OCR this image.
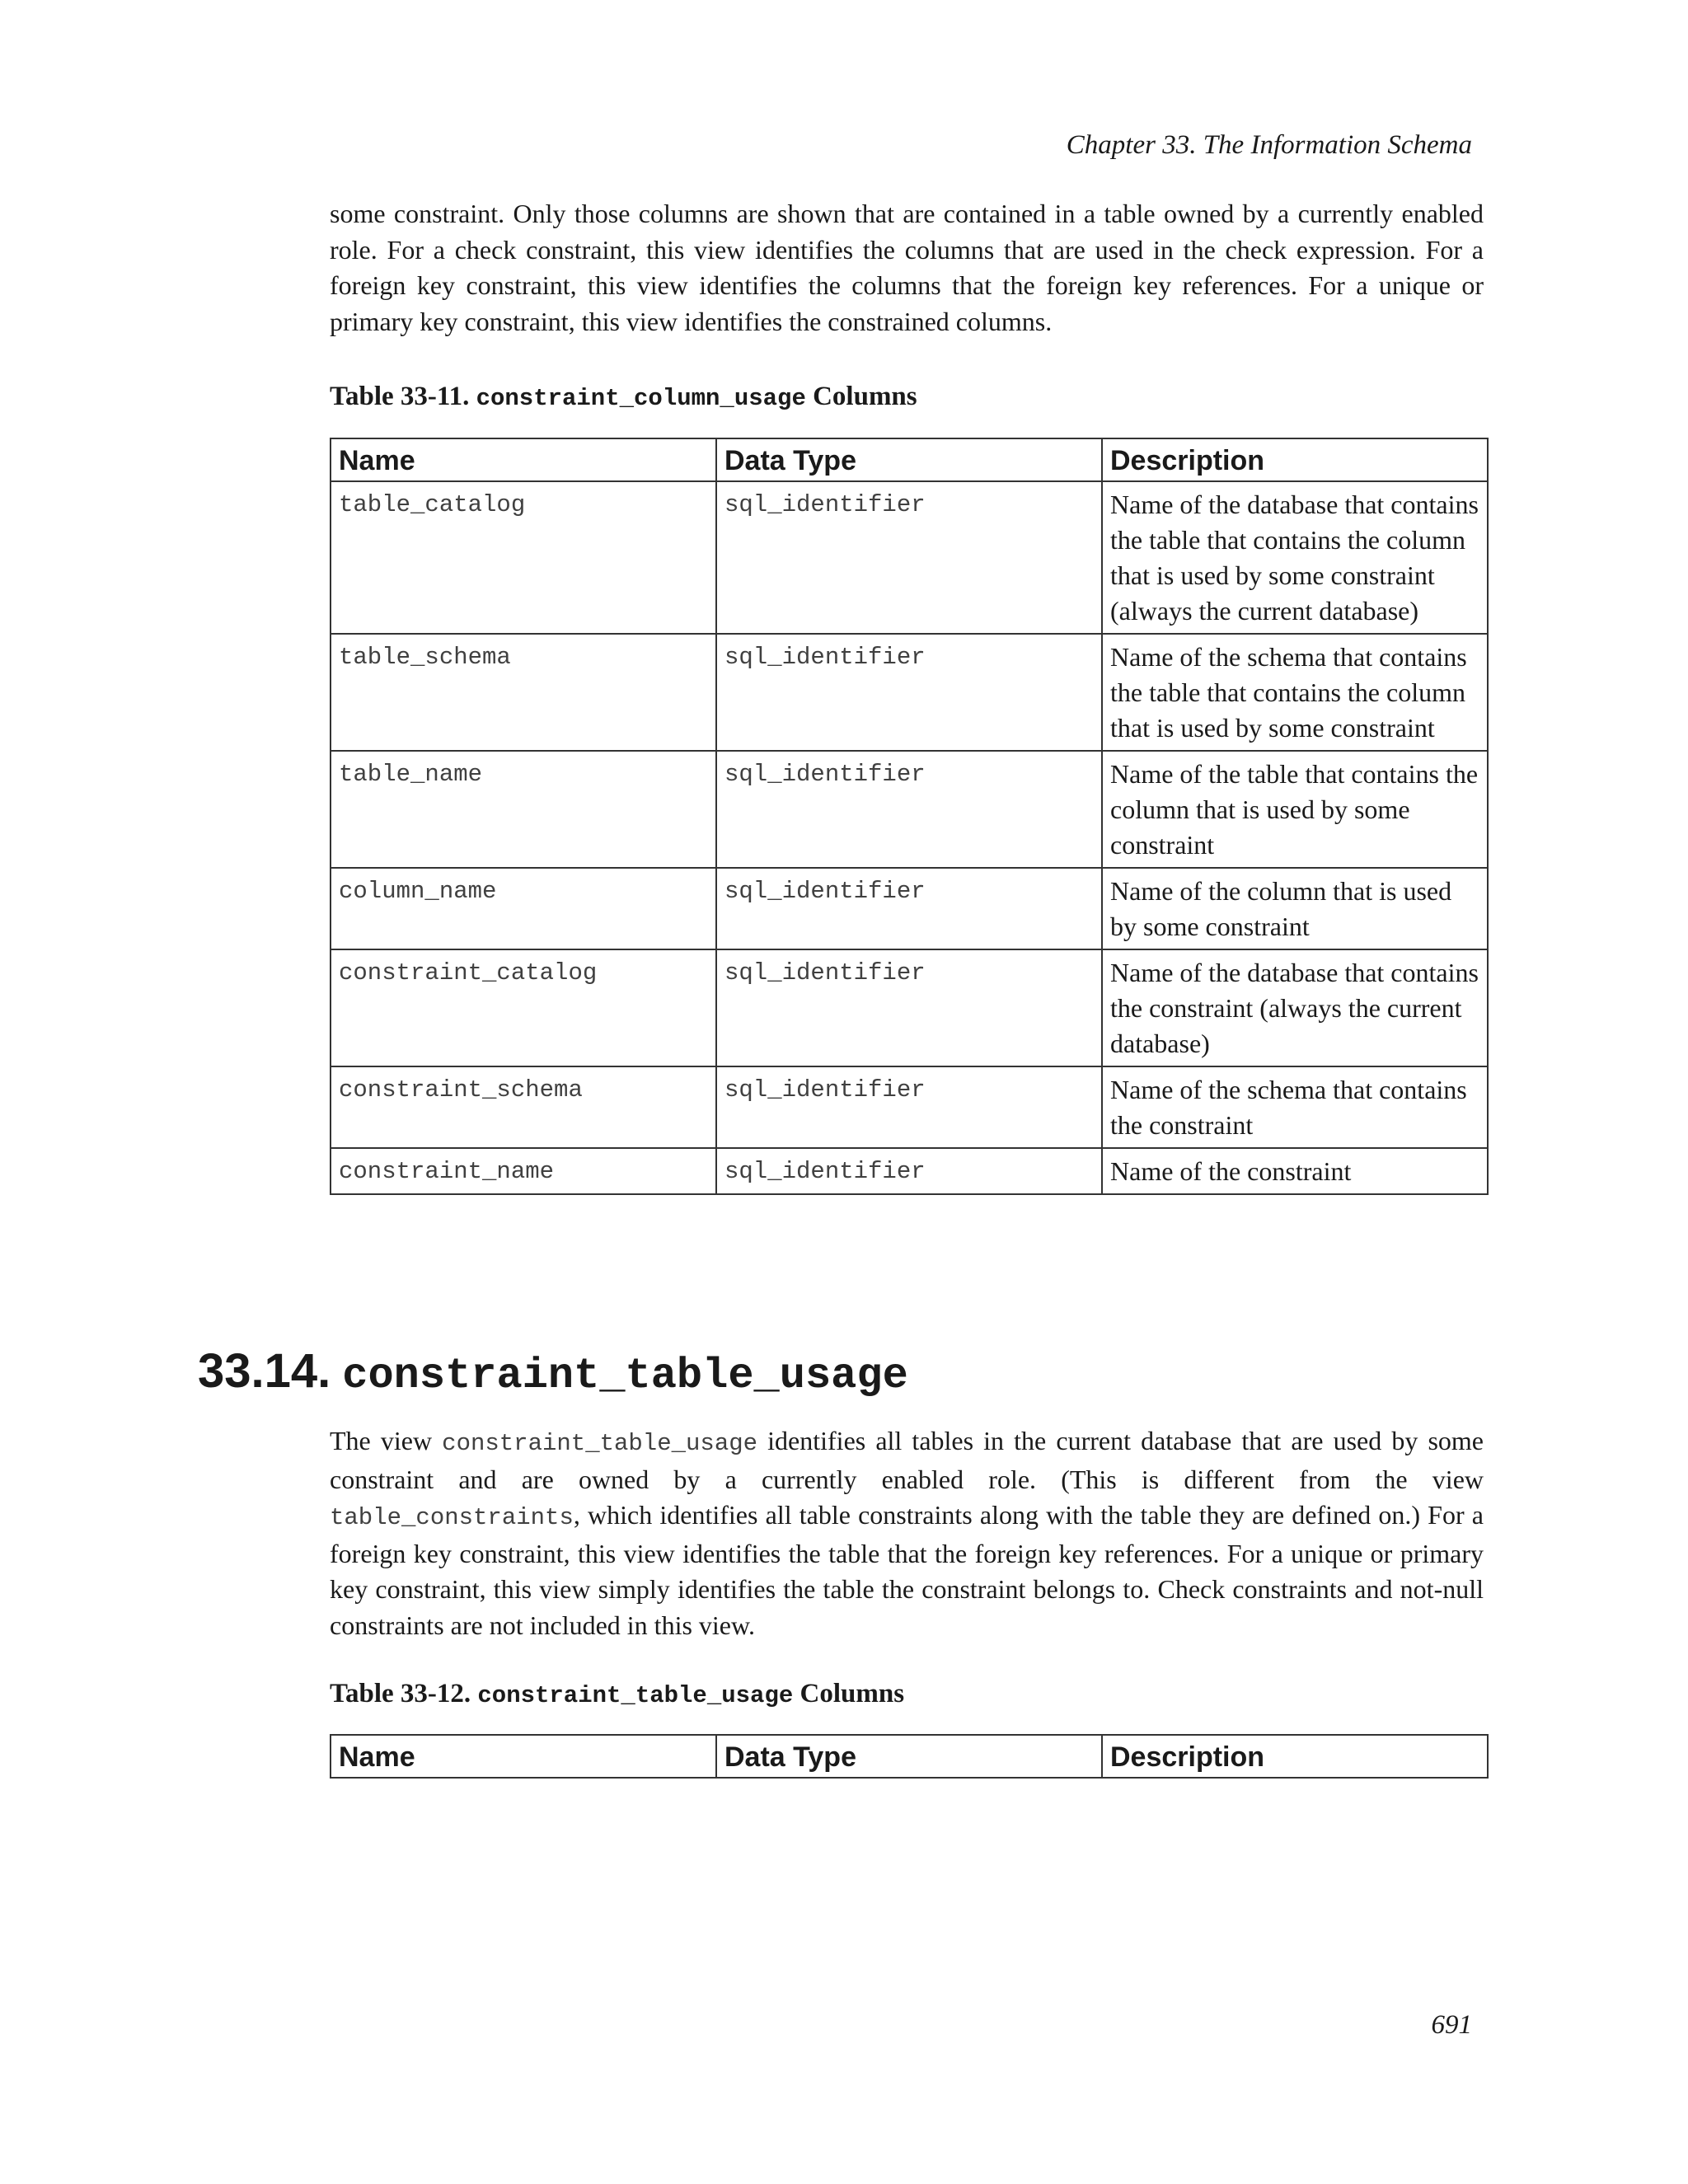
Chapter 33. The Information Schema

some constraint. Only those columns are shown that are contained in a table owned by a currently enabled role. For a check constraint, this view identifies the columns that are used in the check expression. For a foreign key constraint, this view identifies the columns that the foreign key references. For a unique or primary key constraint, this view identifies the constrained columns.

Table 33-11. constraint_column_usage Columns

Name	Data Type	Description
table_catalog	sql_identifier	Name of the database that contains the table that contains the column that is used by some constraint (always the current database)
table_schema	sql_identifier	Name of the schema that contains the table that contains the column that is used by some constraint
table_name	sql_identifier	Name of the table that contains the column that is used by some constraint
column_name	sql_identifier	Name of the column that is used by some constraint
constraint_catalog	sql_identifier	Name of the database that contains the constraint (always the current database)
constraint_schema	sql_identifier	Name of the schema that contains the constraint
constraint_name	sql_identifier	Name of the constraint
33.14. constraint_table_usage

The view constraint_table_usage identifies all tables in the current database that are used by some constraint and are owned by a currently enabled role. (This is different from the view table_constraints, which identifies all table constraints along with the table they are defined on.) For a foreign key constraint, this view identifies the table that the foreign key references. For a unique or primary key constraint, this view simply identifies the table the constraint belongs to. Check constraints and not-null constraints are not included in this view.

Table 33-12. constraint_table_usage Columns

Name	Data Type	Description
691
